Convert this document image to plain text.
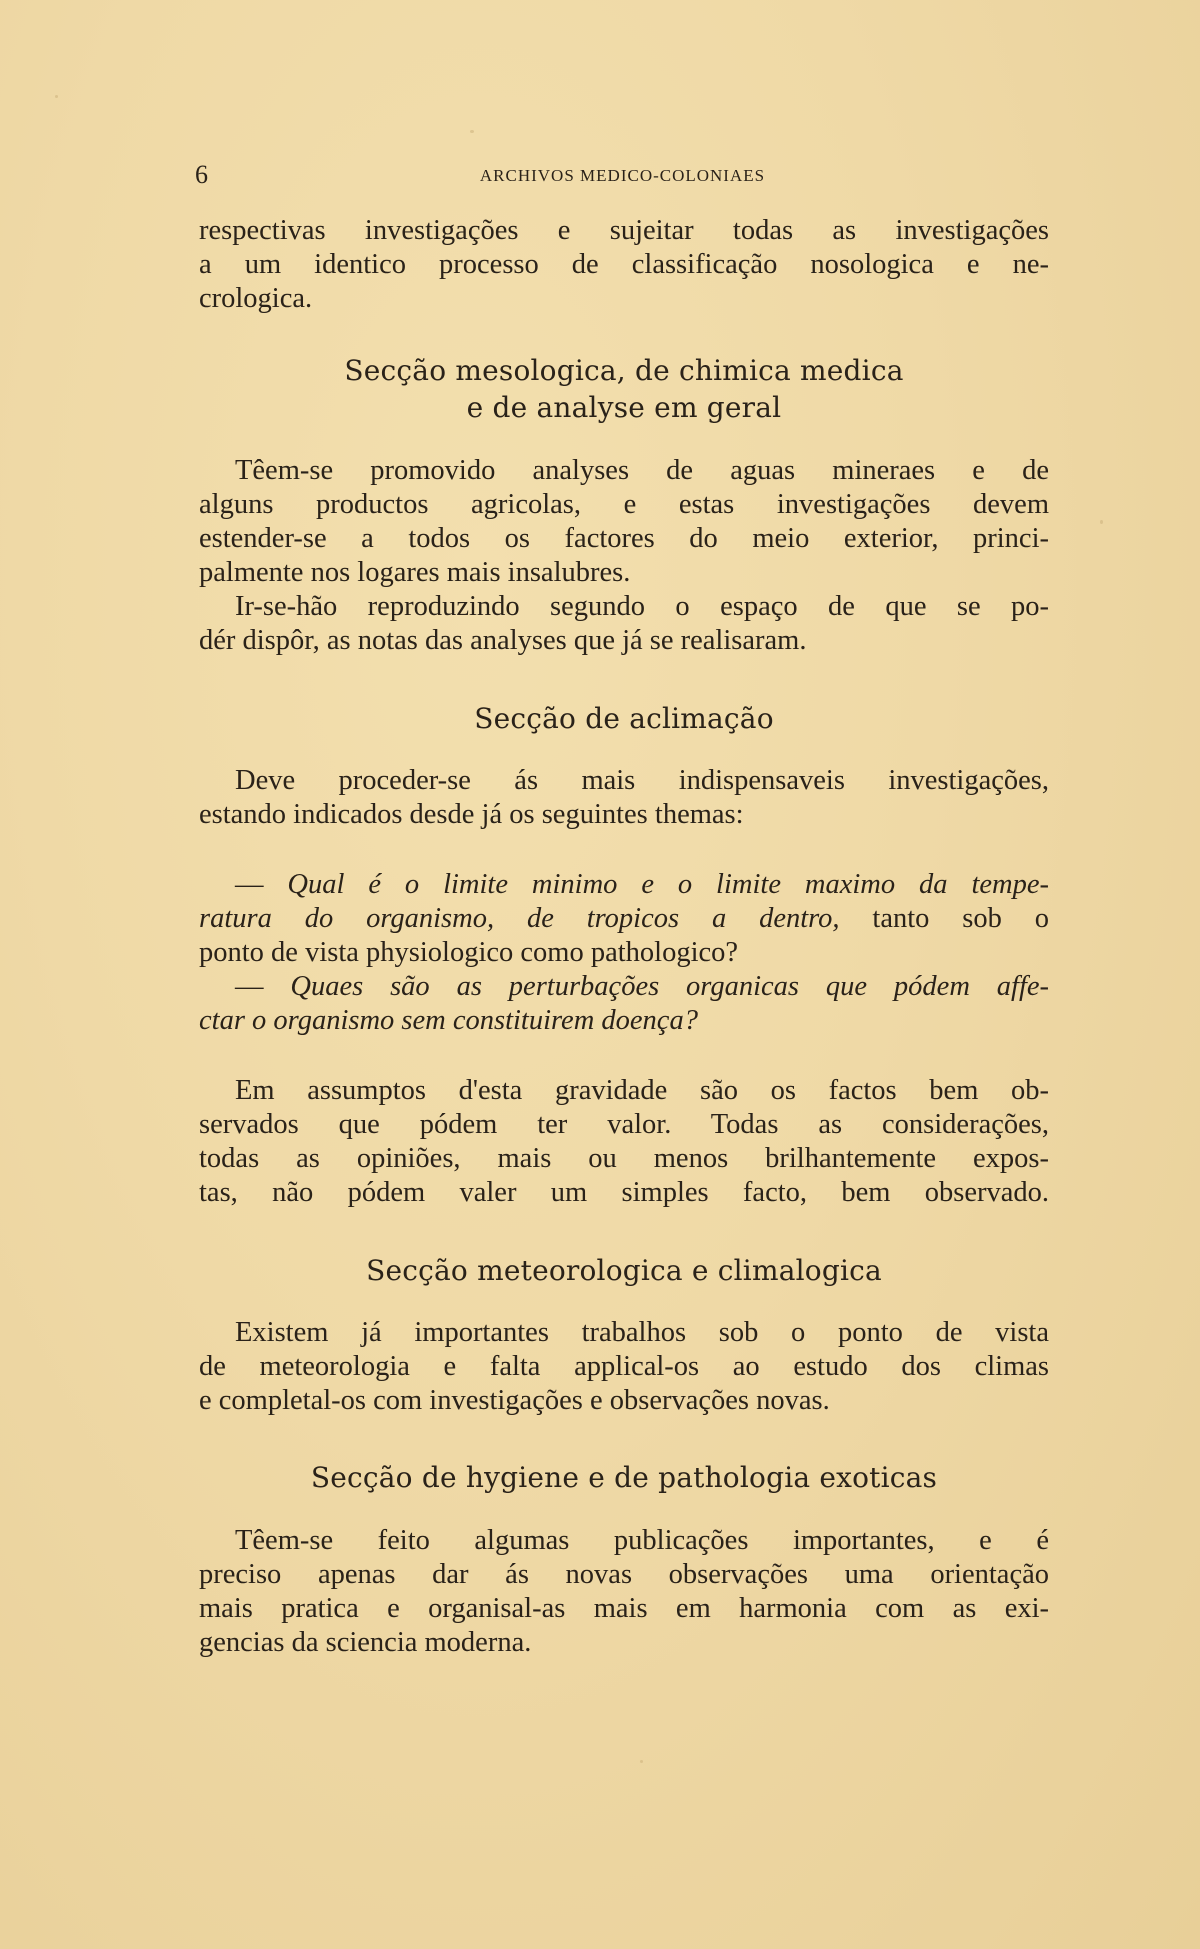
6	ARCHIVOS MEDICO-COLONIAES
respectivas investigações e sujeitar todas as investigações
a um identico processo de classificação nosologica e ne-
crologica.
Secção mesologica, de chimica medica
e de analyse em geral
Têem-se promovido analyses de aguas mineraes e de
alguns productos agricolas, e estas investigações devem
estender-se a todos os factores do meio exterior, princi-
palmente nos logares mais insalubres.
Ir-se-hão reproduzindo segundo o espaço de que se po-
dér dispôr, as notas das analyses que já se realisaram.
Secção de aclimação
Deve proceder-se ás mais indispensaveis investigações,
estando indicados desde já os seguintes themas:
— Qual é o limite minimo e o limite maximo da tempe-
ratura do organismo, de tropicos a dentro, tanto sob o
ponto de vista physiologico como pathologico?
— Quaes são as perturbações organicas que pódem affe-
ctar o organismo sem constituirem doença?
Em assumptos d'esta gravidade são os factos bem ob-
servados que pódem ter valor. Todas as considerações,
todas as opiniões, mais ou menos brilhantemente expos-
tas, não pódem valer um simples facto, bem observado.
Secção meteorologica e climalogica
Existem já importantes trabalhos sob o ponto de vista
de meteorologia e falta applical-os ao estudo dos climas
e completal-os com investigações e observações novas.
Secção de hygiene e de pathologia exoticas
Têem-se feito algumas publicações importantes, e é
preciso apenas dar ás novas observações uma orientação
mais pratica e organisal-as mais em harmonia com as exi-
gencias da sciencia moderna.
